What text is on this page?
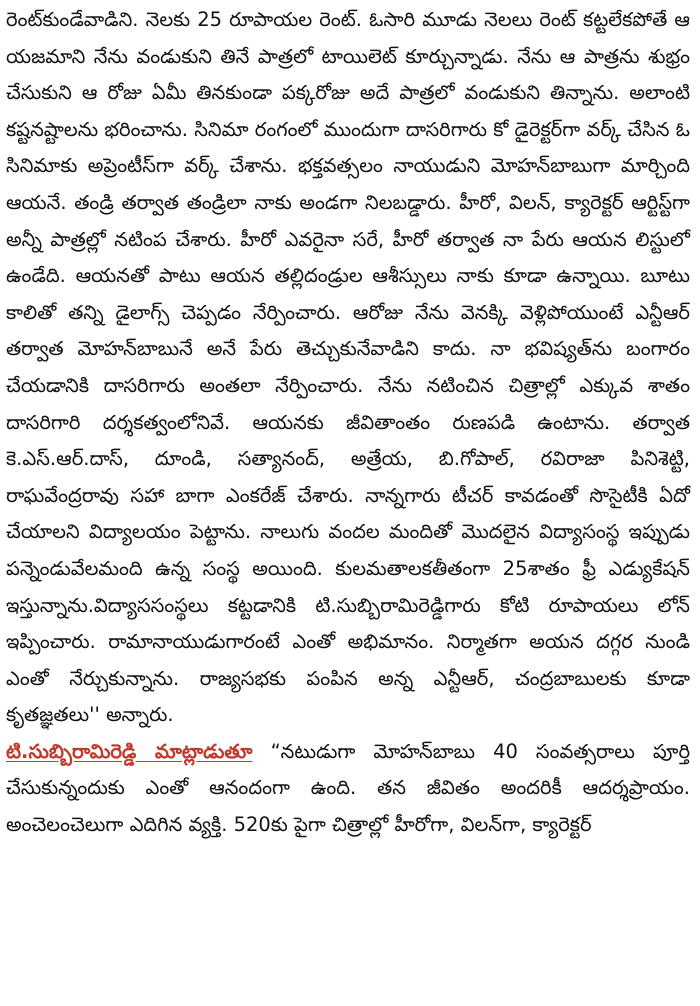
రెంట్‌కుండేవాడిని. నెలకు 25 రూపాయల రెంట్. ఓసారి మూడు నెలలు రెంట్ కట్టలేకపోతే ఆ యజమాని నేను వండుకుని తినే పాత్రలో టాయిలెట్ కూర్చున్నాడు. నేను ఆ పాత్రను శుభ్రం చేసుకుని ఆ రోజు ఏమీ తినకుండా పక్కరోజు అదే పాత్రలో వండుకుని తిన్నాను. అలాంటి కష్టనష్టాలను భరించాను. సినిమా రంగంలో ముందుగా దాసరిగారు కో డైరెక్టర్‌గా వర్క్ చేసిన ఓ సినిమాకు అప్రెంటీస్‌గా వర్క్ చేశాను. భక్తవత్సలం నాయుడుని మోహన్‌బాబుగా మార్చింది ఆయనే. తండ్రి తర్వాత తండ్రిలా నాకు అండగా నిలబడ్డారు. హీరో, విలన్, క్యారెక్టర్ ఆర్టిస్ట్‌గా అన్నీ పాత్రల్లో నటింప చేశారు. హీరో ఎవరైనా సరే, హీరో తర్వాత నా పేరు ఆయన లిస్టులో ఉండేది. ఆయనతో పాటు ఆయన తల్లిదండ్రుల ఆశీస్సులు నాకు కూడా ఉన్నాయి. బూటు కాలితో తన్ని డైలాగ్స్ చెప్పడం నేర్పించారు. ఆరోజు నేను వెనక్కి వెళ్లిపోయుంటే ఎన్టీఆర్ తర్వాత మోహన్‌బాబునే అనే పేరు తెచ్చుకునేవాడిని కాదు. నా భవిష్యత్‌ను బంగారం చేయడానికి దాసరిగారు అంతలా నేర్పించారు. నేను నటించిన చిత్రాల్లో ఎక్కువ శాతం దాసరిగారి దర్శకత్వంలోనివే. ఆయనకు జీవితాంతం రుణపడి ఉంటాను. తర్వాత కె.ఎస్.ఆర్.దాస్, దూండి, సత్యానంద్, అత్రేయ, బి.గోపాల్, రవిరాజా పినిశెట్టి, రాఘవేంద్రరావు సహా బాగా ఎంకరేజ్ చేశారు. నాన్నగారు టీచర్ కావడంతో సొసైటీకి ఏదో చేయాలని విద్యాలయం పెట్టాను. నాలుగు వందల మందితో మొదలైన విద్యాసంస్థ ఇప్పుడు పన్నెండువేలమంది ఉన్న సంస్థ అయింది. కులమతాలకతీతంగా 25శాతం ఫ్రీ ఎడ్యుకేషన్ ఇస్తున్నాను.విద్యాససంస్థలు కట్టడానికి టి.సుబ్బిరామిరెడ్డిగారు కోటి రూపాయలు లోన్ ఇప్పించారు. రామానాయుడుగారంటే ఎంతో అభిమానం. నిర్మాతగా అయన దగ్గర నుండి ఎంతో నేర్చుకున్నాను. రాజ్యసభకు పంపిన అన్న ఎన్టీఆర్, చంద్రబాబులకు కూడా కృతజ్ఞతలు'' అన్నారు.

టి.సుబ్బిరామిరెడ్డి మాట్లాడుతూ “నటుడుగా మోహన్‌బాబు 40 సంవత్సరాలు పూర్తి చేసుకున్నందుకు ఎంతో ఆనందంగా ఉంది. తన జీవితం అందరికీ ఆదర్శప్రాయం. అంచెలంచెలుగా ఎదిగిన వ్యక్తి. 520కు పైగా చిత్రాల్లో హీరోగా, విలన్‌గా, క్యారెక్టర్
